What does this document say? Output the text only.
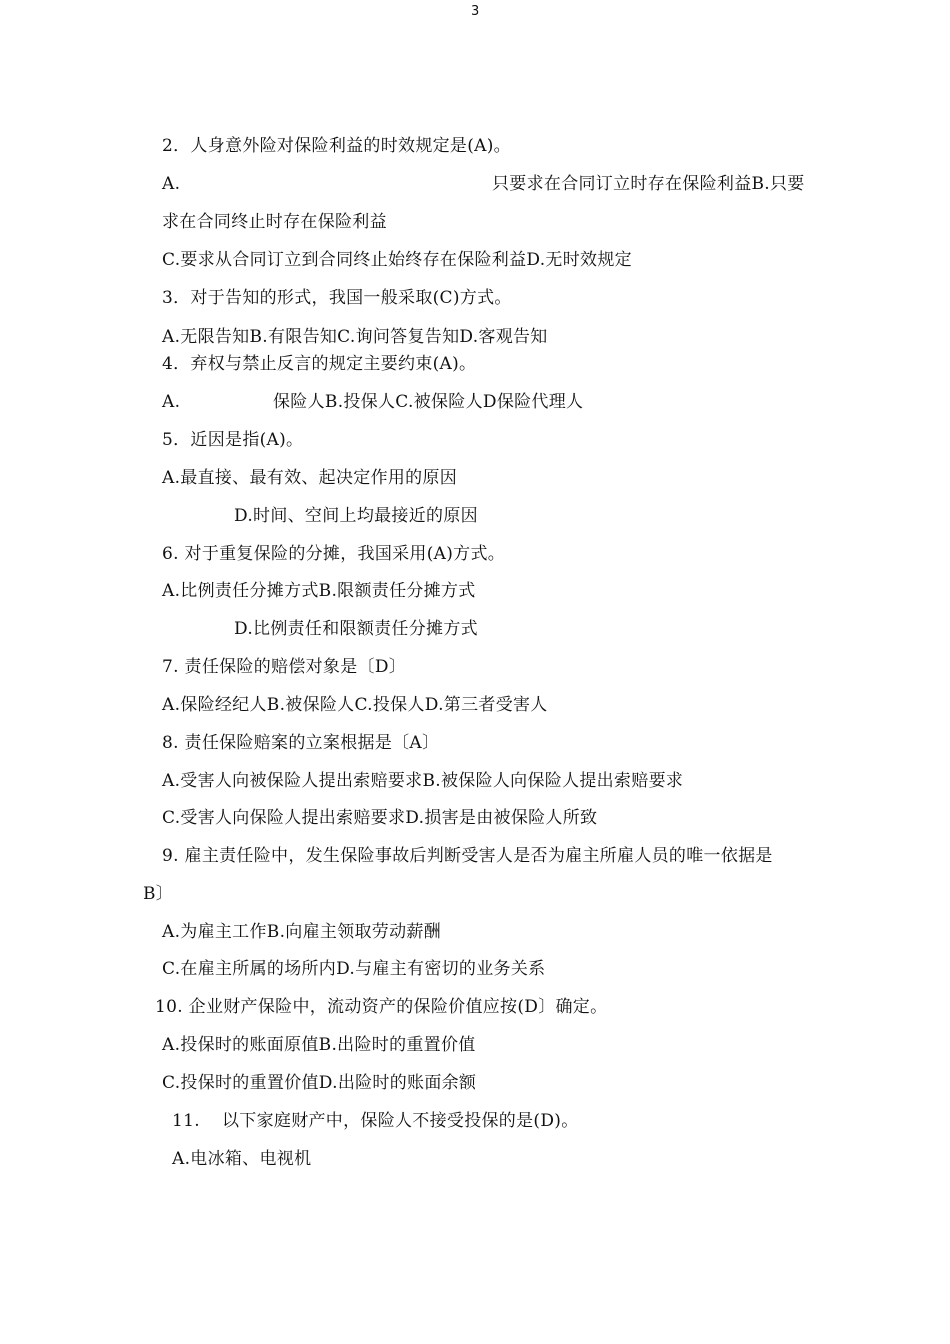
3
2．人身意外险对保险利益的时效规定是(A)。
A.	只要求在合同订立时存在保险利益B.只要
求在合同终止时存在保险利益
C.要求从合同订立到合同终止始终存在保险利益D.无时效规定
3．对于告知的形式，我国一般采取(C)方式。
A.无限告知B.有限告知C.询问答复告知D.客观告知
4．弃权与禁止反言的规定主要约束(A)。
A.	保险人B.投保人C.被保险人D保险代理人
5．近因是指(A)。
A.最直接、最有效、起决定作用的原因
D.时间、空间上均最接近的原因
6. 对于重复保险的分摊，我国采用(A)方式。
A.比例责任分摊方式B.限额责任分摊方式
D.比例责任和限额责任分摊方式
7. 责任保险的赔偿对象是〔D〕
A.保险经纪人B.被保险人C.投保人D.第三者受害人
8. 责任保险赔案的立案根据是〔A〕
A.受害人向被保险人提出索赔要求B.被保险人向保险人提出索赔要求
C.受害人向保险人提出索赔要求D.损害是由被保险人所致
9. 雇主责任险中，发生保险事故后判断受害人是否为雇主所雇人员的唯一依据是
B〕
A.为雇主工作B.向雇主领取劳动薪酬
C.在雇主所属的场所内D.与雇主有密切的业务关系
10. 企业财产保险中，流动资产的保险价值应按(D〕确定。
A.投保时的账面原值B.出险时的重置价值
C.投保时的重置价值D.出险时的账面余额
11. 以下家庭财产中，保险人不接受投保的是(D)。
A.电冰箱、电视机
